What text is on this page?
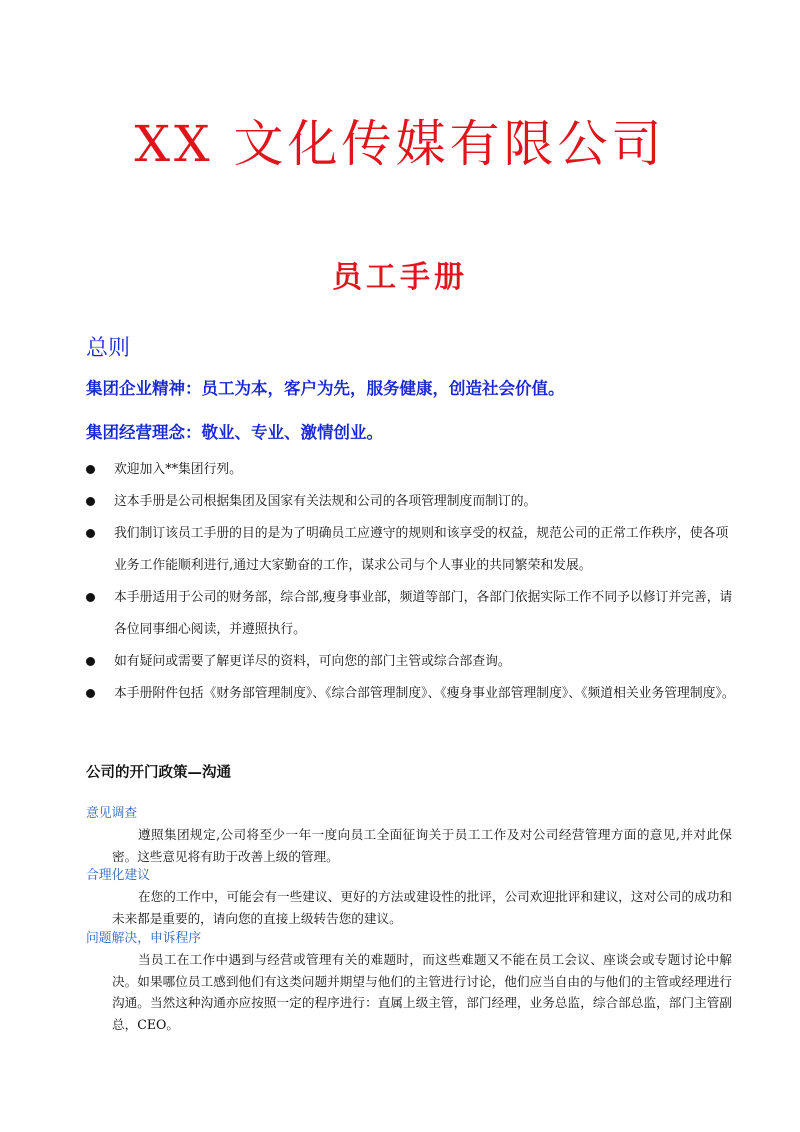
XX 文化传媒有限公司
员工手册
总则

集团企业精神：员工为本，客户为先，服务健康，创造社会价值。

集团经营理念：敬业、专业、激情创业。

欢迎加入**集团行列。
这本手册是公司根据集团及国家有关法规和公司的各项管理制度而制订的。
我们制订该员工手册的目的是为了明确员工应遵守的规则和该享受的权益，规范公司的正常工作秩序，使各项业务工作能顺利进行,通过大家勤奋的工作，谋求公司与个人事业的共同繁荣和发展。
本手册适用于公司的财务部，综合部,瘦身事业部，频道等部门，各部门依据实际工作不同予以修订并完善，请各位同事细心阅读，并遵照执行。
如有疑问或需要了解更详尽的资料，可向您的部门主管或综合部查询。
本手册附件包括《财务部管理制度》、《综合部管理制度》、《瘦身事业部管理制度》、《频道相关业务管理制度》。
公司的开门政策—沟通

意见调查

遵照集团规定,公司将至少一年一度向员工全面征询关于员工工作及对公司经营管理方面的意见,并对此保密。这些意见将有助于改善上级的管理。

合理化建议

在您的工作中，可能会有一些建议、更好的方法或建设性的批评，公司欢迎批评和建议，这对公司的成功和未来都是重要的，请向您的直接上级转告您的建议。

问题解决，申诉程序

当员工在工作中遇到与经营或管理有关的难题时，而这些难题又不能在员工会议、座谈会或专题讨论中解决。如果哪位员工感到他们有这类问题并期望与他们的主管进行讨论，他们应当自由的与他们的主管或经理进行沟通。当然这种沟通亦应按照一定的程序进行：直属上级主管，部门经理，业务总监，综合部总监，部门主管副总，CEO。
